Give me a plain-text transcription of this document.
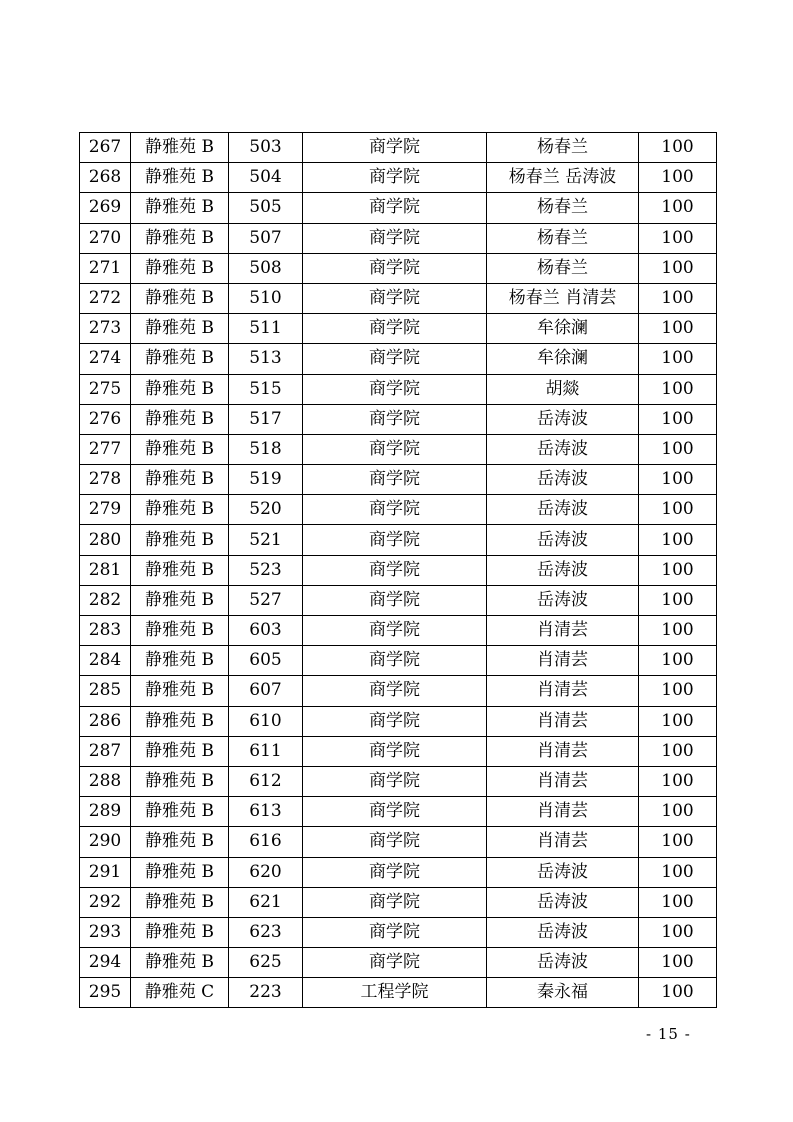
267	静雅苑 B	503	商学院	杨春兰	100
268	静雅苑 B	504	商学院	杨春兰 岳涛波	100
269	静雅苑 B	505	商学院	杨春兰	100
270	静雅苑 B	507	商学院	杨春兰	100
271	静雅苑 B	508	商学院	杨春兰	100
272	静雅苑 B	510	商学院	杨春兰 肖清芸	100
273	静雅苑 B	511	商学院	牟徐澜	100
274	静雅苑 B	513	商学院	牟徐澜	100
275	静雅苑 B	515	商学院	胡燚	100
276	静雅苑 B	517	商学院	岳涛波	100
277	静雅苑 B	518	商学院	岳涛波	100
278	静雅苑 B	519	商学院	岳涛波	100
279	静雅苑 B	520	商学院	岳涛波	100
280	静雅苑 B	521	商学院	岳涛波	100
281	静雅苑 B	523	商学院	岳涛波	100
282	静雅苑 B	527	商学院	岳涛波	100
283	静雅苑 B	603	商学院	肖清芸	100
284	静雅苑 B	605	商学院	肖清芸	100
285	静雅苑 B	607	商学院	肖清芸	100
286	静雅苑 B	610	商学院	肖清芸	100
287	静雅苑 B	611	商学院	肖清芸	100
288	静雅苑 B	612	商学院	肖清芸	100
289	静雅苑 B	613	商学院	肖清芸	100
290	静雅苑 B	616	商学院	肖清芸	100
291	静雅苑 B	620	商学院	岳涛波	100
292	静雅苑 B	621	商学院	岳涛波	100
293	静雅苑 B	623	商学院	岳涛波	100
294	静雅苑 B	625	商学院	岳涛波	100
295	静雅苑 C	223	工程学院	秦永福	100
- 15 -
